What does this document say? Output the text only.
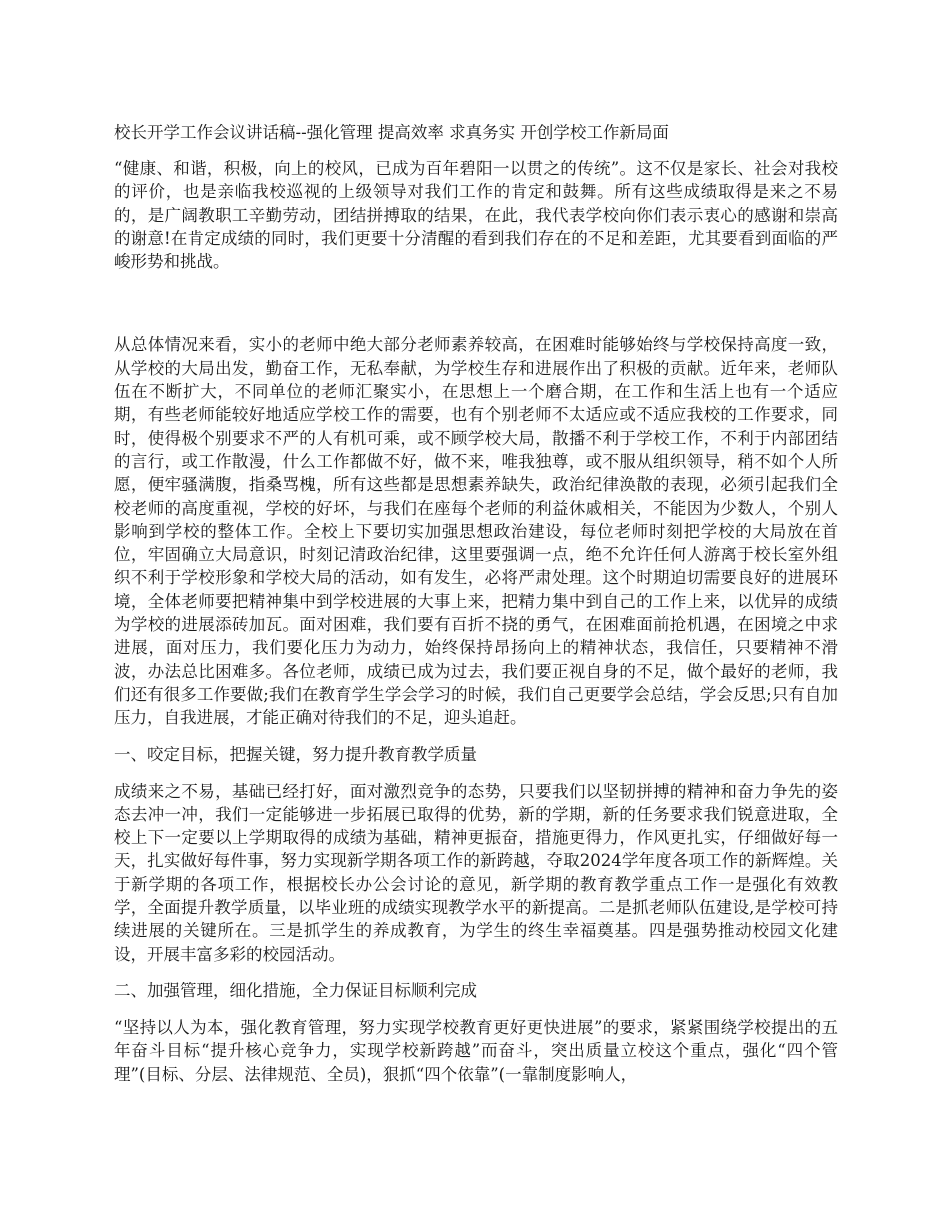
校长开学工作会议讲话稿--强化管理 提高效率 求真务实 开创学校工作新局面

“健康、和谐，积极，向上的校风，已成为百年碧阳一以贯之的传统”。这不仅是家长、社会对我校的评价，也是亲临我校巡视的上级领导对我们工作的肯定和鼓舞。所有这些成绩取得是来之不易的，是广阔教职工辛勤劳动，团结拼搏取的结果，在此，我代表学校向你们表示衷心的感谢和崇高的谢意!在肯定成绩的同时，我们更要十分清醒的看到我们存在的不足和差距，尤其要看到面临的严峻形势和挑战。

从总体情况来看，实小的老师中绝大部分老师素养较高，在困难时能够始终与学校保持高度一致，从学校的大局出发，勤奋工作，无私奉献，为学校生存和进展作出了积极的贡献。近年来，老师队伍在不断扩大，不同单位的老师汇聚实小，在思想上一个磨合期，在工作和生活上也有一个适应期，有些老师能较好地适应学校工作的需要，也有个别老师不太适应或不适应我校的工作要求，同时，使得极个别要求不严的人有机可乘，或不顾学校大局，散播不利于学校工作，不利于内部团结的言行，或工作散漫，什么工作都做不好，做不来，唯我独尊，或不服从组织领导，稍不如个人所愿，便牢骚满腹，指桑骂槐，所有这些都是思想素养缺失，政治纪律涣散的表现，必须引起我们全校老师的高度重视，学校的好坏，与我们在座每个老师的利益休戚相关，不能因为少数人，个别人影响到学校的整体工作。全校上下要切实加强思想政治建设，每位老师时刻把学校的大局放在首位，牢固确立大局意识，时刻记清政治纪律，这里要强调一点，绝不允许任何人游离于校长室外组织不利于学校形象和学校大局的活动，如有发生，必将严肃处理。这个时期迫切需要良好的进展环境，全体老师要把精神集中到学校进展的大事上来，把精力集中到自己的工作上来，以优异的成绩为学校的进展添砖加瓦。面对困难，我们要有百折不挠的勇气，在困难面前抢机遇，在困境之中求进展，面对压力，我们要化压力为动力，始终保持昂扬向上的精神状态，我信任，只要精神不滑波，办法总比困难多。各位老师，成绩已成为过去，我们要正视自身的不足，做个最好的老师，我们还有很多工作要做;我们在教育学生学会学习的时候，我们自己更要学会总结，学会反思;只有自加压力，自我进展，才能正确对待我们的不足，迎头追赶。

一、咬定目标，把握关键，努力提升教育教学质量

成绩来之不易，基础已经打好，面对激烈竞争的态势，只要我们以坚韧拼搏的精神和奋力争先的姿态去冲一冲，我们一定能够进一步拓展已取得的优势，新的学期，新的任务要求我们锐意进取，全校上下一定要以上学期取得的成绩为基础，精神更振奋，措施更得力，作风更扎实，仔细做好每一天，扎实做好每件事，努力实现新学期各项工作的新跨越，夺取2024学年度各项工作的新辉煌。关于新学期的各项工作，根据校长办公会讨论的意见，新学期的教育教学重点工作一是强化有效教学，全面提升教学质量，以毕业班的成绩实现教学水平的新提高。二是抓老师队伍建设,是学校可持续进展的关键所在。三是抓学生的养成教育，为学生的终生幸福奠基。四是强势推动校园文化建设，开展丰富多彩的校园活动。

二、加强管理，细化措施，全力保证目标顺利完成

“坚持以人为本，强化教育管理，努力实现学校教育更好更快进展”的要求，紧紧围绕学校提出的五年奋斗目标“提升核心竞争力，实现学校新跨越”而奋斗，突出质量立校这个重点，强化“四个管理”(目标、分层、法律规范、全员)，狠抓“四个依靠”(一靠制度影响人，
